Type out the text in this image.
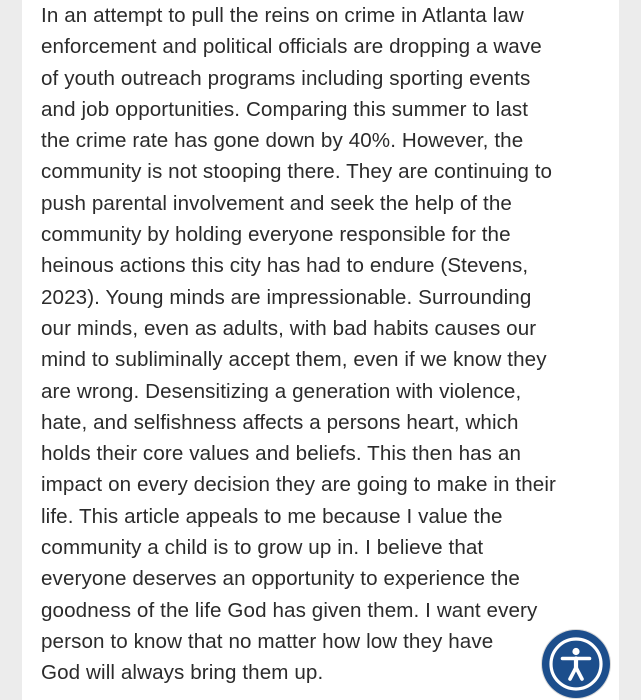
In an attempt to pull the reins on crime in Atlanta law
enforcement and political officials are dropping a wave
of youth outreach programs including sporting events
and job opportunities. Comparing this summer to last
the crime rate has gone down by 40%. However, the
community is not stooping there. They are continuing to
push parental involvement and seek the help of the
community by holding everyone responsible for the
heinous actions this city has had to endure (Stevens,
2023). Young minds are impressionable. Surrounding
our minds, even as adults, with bad habits causes our
mind to subliminally accept them, even if we know they
are wrong. Desensitizing a generation with violence,
hate, and selfishness affects a persons heart, which
holds their core values and beliefs. This then has an
impact on every decision they are going to make in their
life. This article appeals to me because I value the
community a child is to grow up in. I believe that
everyone deserves an opportunity to experience the
goodness of the life God has given them. I want every
person to know that no matter how low they have
God will always bring them up.
